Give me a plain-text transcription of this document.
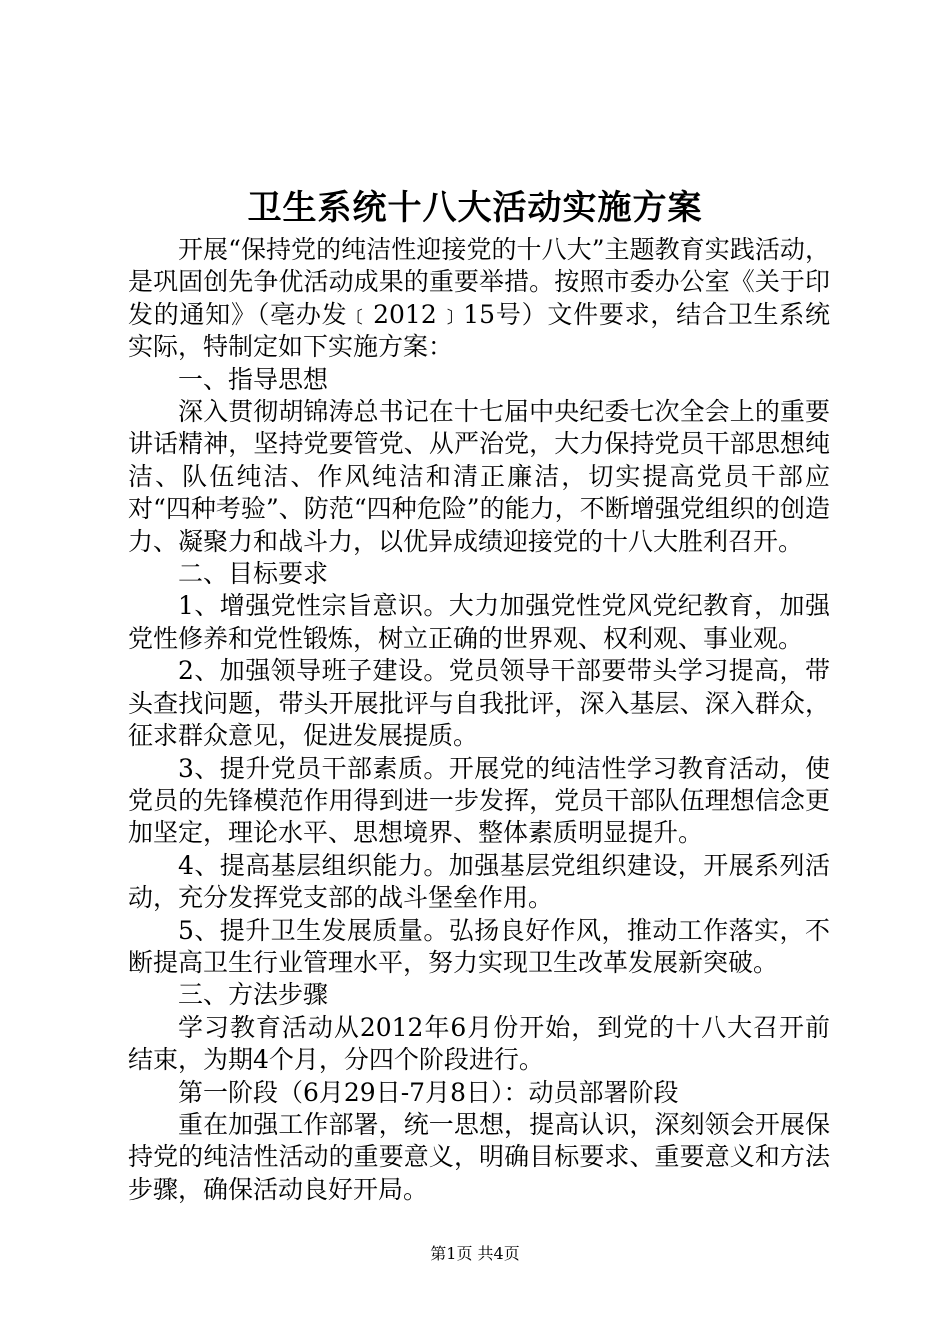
卫生系统十八大活动实施方案

开展“保持党的纯洁性迎接党的十八大”主题教育实践活动，是巩固创先争优活动成果的重要举措。按照市委办公室《关于印发的通知》（亳办发﹝2012﹞15号）文件要求，结合卫生系统实际，特制定如下实施方案：

一、指导思想

深入贯彻胡锦涛总书记在十七届中央纪委七次全会上的重要讲话精神，坚持党要管党、从严治党，大力保持党员干部思想纯洁、队伍纯洁、作风纯洁和清正廉洁，切实提高党员干部应对“四种考验”、防范“四种危险”的能力，不断增强党组织的创造力、凝聚力和战斗力，以优异成绩迎接党的十八大胜利召开。

二、目标要求

1、增强党性宗旨意识。大力加强党性党风党纪教育，加强党性修养和党性锻炼，树立正确的世界观、权利观、事业观。

2、加强领导班子建设。党员领导干部要带头学习提高，带头查找问题，带头开展批评与自我批评，深入基层、深入群众，征求群众意见，促进发展提质。

3、提升党员干部素质。开展党的纯洁性学习教育活动，使党员的先锋模范作用得到进一步发挥，党员干部队伍理想信念更加坚定，理论水平、思想境界、整体素质明显提升。

4、提高基层组织能力。加强基层党组织建设，开展系列活动，充分发挥党支部的战斗堡垒作用。

5、提升卫生发展质量。弘扬良好作风，推动工作落实，不断提高卫生行业管理水平，努力实现卫生改革发展新突破。

三、方法步骤

学习教育活动从2012年6月份开始，到党的十八大召开前结束，为期4个月，分四个阶段进行。

第一阶段（6月29日-7月8日）：动员部署阶段

重在加强工作部署，统一思想，提高认识，深刻领会开展保持党的纯洁性活动的重要意义，明确目标要求、重要意义和方法步骤，确保活动良好开局。

第1页 共4页
